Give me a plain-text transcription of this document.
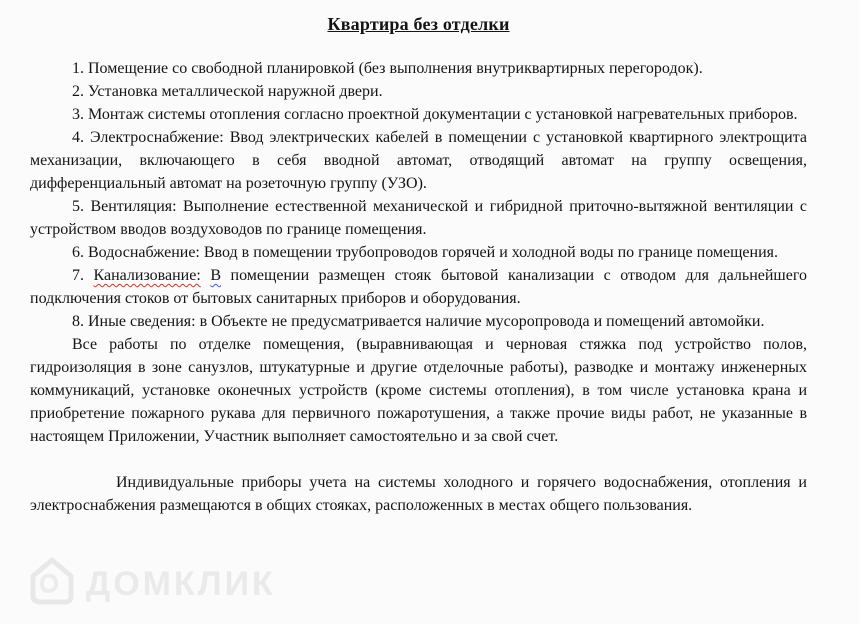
ДОМКЛИК
Квартира без отделки

1. Помещение со свободной планировкой (без выполнения внутриквартирных перегородок).

2. Установка металлической наружной двери.

3. Монтаж системы отопления согласно проектной документации с установкой нагревательных приборов.

4. Электроснабжение: Ввод электрических кабелей в помещении с установкой квартирного электрощита механизации, включающего в себя вводной автомат, отводящий автомат на группу освещения, дифференциальный автомат на розеточную группу (УЗО).

5. Вентиляция: Выполнение естественной механической и гибридной приточно-вытяжной вентиляции с устройством вводов воздуховодов по границе помещения.

6. Водоснабжение: Ввод в помещении трубопроводов горячей и холодной воды по границе помещения.

7. Канализование: В помещении размещен стояк бытовой канализации с отводом для дальнейшего подключения стоков от бытовых санитарных приборов и оборудования.

8. Иные сведения: в Объекте не предусматривается наличие мусоропровода и помещений автомойки.

Все работы по отделке помещения, (выравнивающая и черновая стяжка под устройство полов, гидроизоляция в зоне санузлов, штукатурные и другие отделочные работы), разводке и монтажу инженерных коммуникаций, установке оконечных устройств (кроме системы отопления), в том числе установка крана и приобретение пожарного рукава для первичного пожаротушения, а также прочие виды работ, не указанные в настоящем Приложении, Участник выполняет самостоятельно и за свой счет.

Индивидуальные приборы учета на системы холодного и горячего водоснабжения, отопления и электроснабжения размещаются в общих стояках, расположенных в местах общего пользования.
